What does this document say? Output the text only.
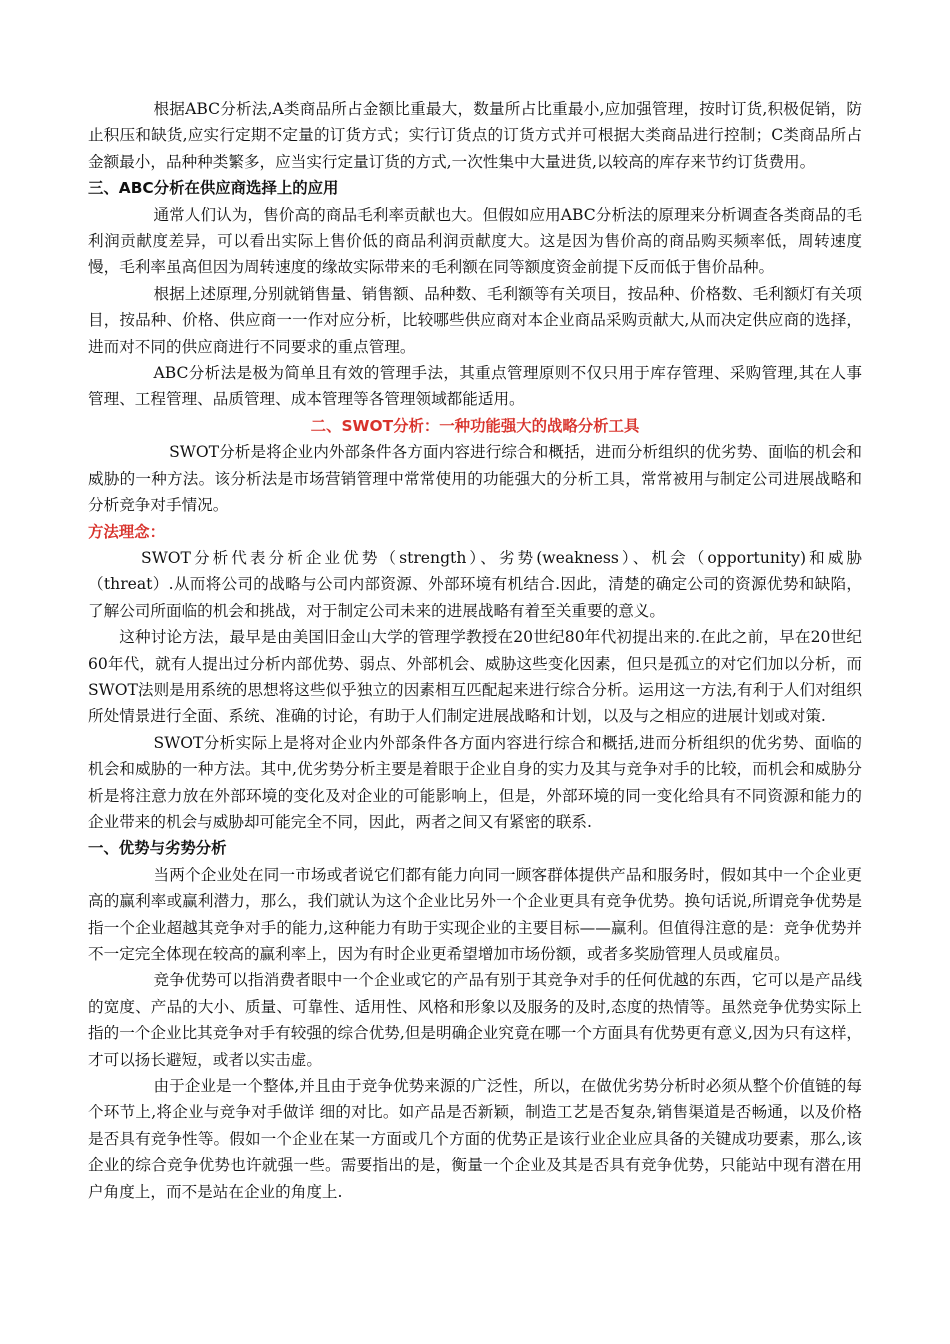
根据ABC分析法,A类商品所占金额比重最大，数量所占比重最小,应加强管理，按时订货,积极促销，防止积压和缺货,应实行定期不定量的订货方式；实行订货点的订货方式并可根据大类商品进行控制；C类商品所占金额最小，品种种类繁多，应当实行定量订货的方式,一次性集中大量进货,以较高的库存来节约订货费用。

三、ABC分析在供应商选择上的应用

通常人们认为，售价高的商品毛利率贡献也大。但假如应用ABC分析法的原理来分析调查各类商品的毛利润贡献度差异，可以看出实际上售价低的商品利润贡献度大。这是因为售价高的商品购买频率低，周转速度慢，毛利率虽高但因为周转速度的缘故实际带来的毛利额在同等额度资金前提下反而低于售价品种。

根据上述原理,分别就销售量、销售额、品种数、毛利额等有关项目，按品种、价格数、毛利额灯有关项目，按品种、价格、供应商一一作对应分析，比较哪些供应商对本企业商品采购贡献大,从而决定供应商的选择，进而对不同的供应商进行不同要求的重点管理。

ABC分析法是极为简单且有效的管理手法，其重点管理原则不仅只用于库存管理、采购管理,其在人事管理、工程管理、品质管理、成本管理等各管理领域都能适用。

二、SWOT分析：一种功能强大的战略分析工具

SWOT分析是将企业内外部条件各方面内容进行综合和概括，进而分析组织的优劣势、面临的机会和威胁的一种方法。该分析法是市场营销管理中常常使用的功能强大的分析工具，常常被用与制定公司进展战略和分析竞争对手情况。

方法理念：

SWOT分析代表分析企业优势（strength）、劣势(weakness）、机会（opportunity)和威胁（threat）.从而将公司的战略与公司内部资源、外部环境有机结合.因此，清楚的确定公司的资源优势和缺陷，了解公司所面临的机会和挑战，对于制定公司未来的进展战略有着至关重要的意义。

这种讨论方法，最早是由美国旧金山大学的管理学教授在20世纪80年代初提出来的.在此之前，早在20世纪60年代，就有人提出过分析内部优势、弱点、外部机会、威胁这些变化因素，但只是孤立的对它们加以分析，而SWOT法则是用系统的思想将这些似乎独立的因素相互匹配起来进行综合分析。运用这一方法,有利于人们对组织所处情景进行全面、系统、准确的讨论，有助于人们制定进展战略和计划，以及与之相应的进展计划或对策.

SWOT分析实际上是将对企业内外部条件各方面内容进行综合和概括,进而分析组织的优劣势、面临的机会和威胁的一种方法。其中,优劣势分析主要是着眼于企业自身的实力及其与竞争对手的比较，而机会和威胁分析是将注意力放在外部环境的变化及对企业的可能影响上，但是，外部环境的同一变化给具有不同资源和能力的企业带来的机会与威胁却可能完全不同，因此，两者之间又有紧密的联系.

一、优势与劣势分析

当两个企业处在同一市场或者说它们都有能力向同一顾客群体提供产品和服务时，假如其中一个企业更高的赢利率或赢利潜力，那么，我们就认为这个企业比另外一个企业更具有竞争优势。换句话说,所谓竞争优势是指一个企业超越其竞争对手的能力,这种能力有助于实现企业的主要目标——赢利。但值得注意的是：竞争优势并不一定完全体现在较高的赢利率上，因为有时企业更希望增加市场份额，或者多奖励管理人员或雇员。

竞争优势可以指消费者眼中一个企业或它的产品有别于其竞争对手的任何优越的东西，它可以是产品线的宽度、产品的大小、质量、可靠性、适用性、风格和形象以及服务的及时,态度的热情等。虽然竞争优势实际上指的一个企业比其竞争对手有较强的综合优势,但是明确企业究竟在哪一个方面具有优势更有意义,因为只有这样，才可以扬长避短，或者以实击虚。

由于企业是一个整体,并且由于竞争优势来源的广泛性，所以，在做优劣势分析时必须从整个价值链的每个环节上,将企业与竞争对手做详 细的对比。如产品是否新颖，制造工艺是否复杂,销售渠道是否畅通，以及价格是否具有竞争性等。假如一个企业在某一方面或几个方面的优势正是该行业企业应具备的关键成功要素，那么,该企业的综合竞争优势也许就强一些。需要指出的是，衡量一个企业及其是否具有竞争优势，只能站中现有潜在用户角度上，而不是站在企业的角度上.
